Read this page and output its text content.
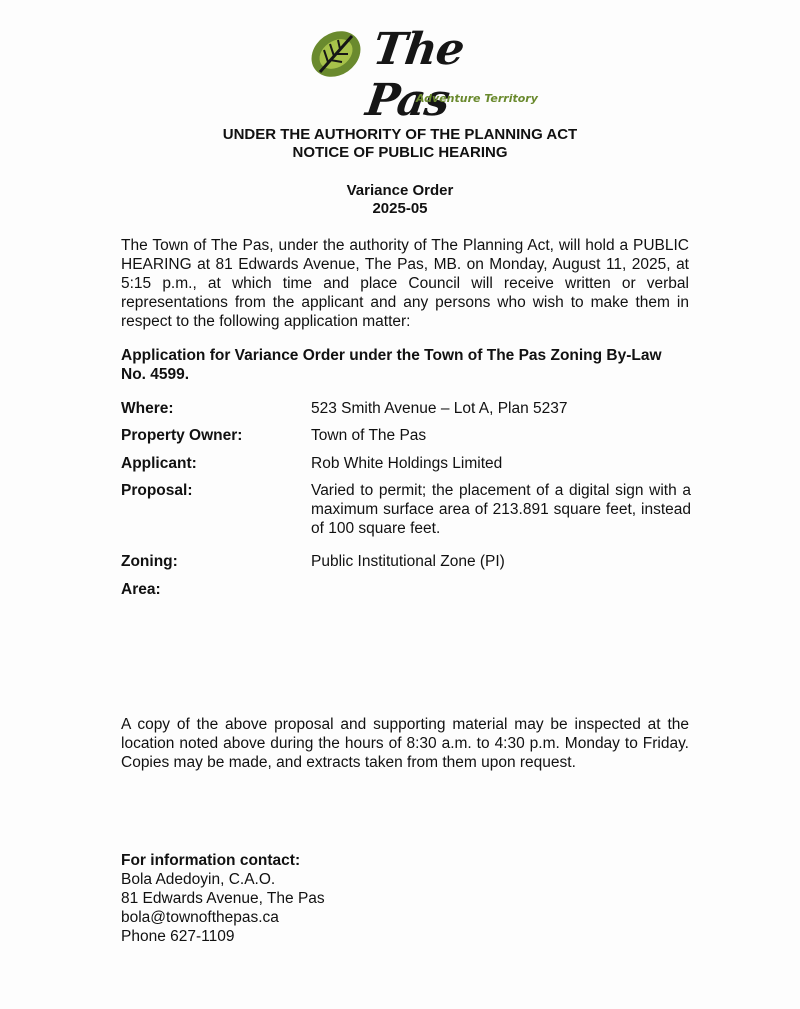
The Pas
Adventure Territory
UNDER THE AUTHORITY OF THE PLANNING ACT
NOTICE OF PUBLIC HEARING
Variance Order
2025-05
The Town of The Pas, under the authority of The Planning Act, will hold a PUBLIC HEARING at 81 Edwards Avenue, The Pas, MB. on Monday, August 11, 2025, at 5:15 p.m., at which time and place Council will receive written or verbal representations from the applicant and any persons who wish to make them in respect to the following application matter:
Application for Variance Order under the Town of The Pas Zoning By-Law No. 4599.
Where:	523 Smith Avenue – Lot A, Plan 5237
Property Owner:	Town of The Pas
Applicant:	Rob White Holdings Limited
Proposal:	Varied to permit; the placement of a digital sign with a maximum surface area of 213.891 square feet, instead of 100 square feet.
Zoning:	Public Institutional Zone (PI)
Area:
A copy of the above proposal and supporting material may be inspected at the location noted above during the hours of 8:30 a.m. to 4:30 p.m. Monday to Friday. Copies may be made, and extracts taken from them upon request.
For information contact:
Bola Adedoyin, C.A.O.
81 Edwards Avenue, The Pas
bola@townofthepas.ca
Phone 627-1109
